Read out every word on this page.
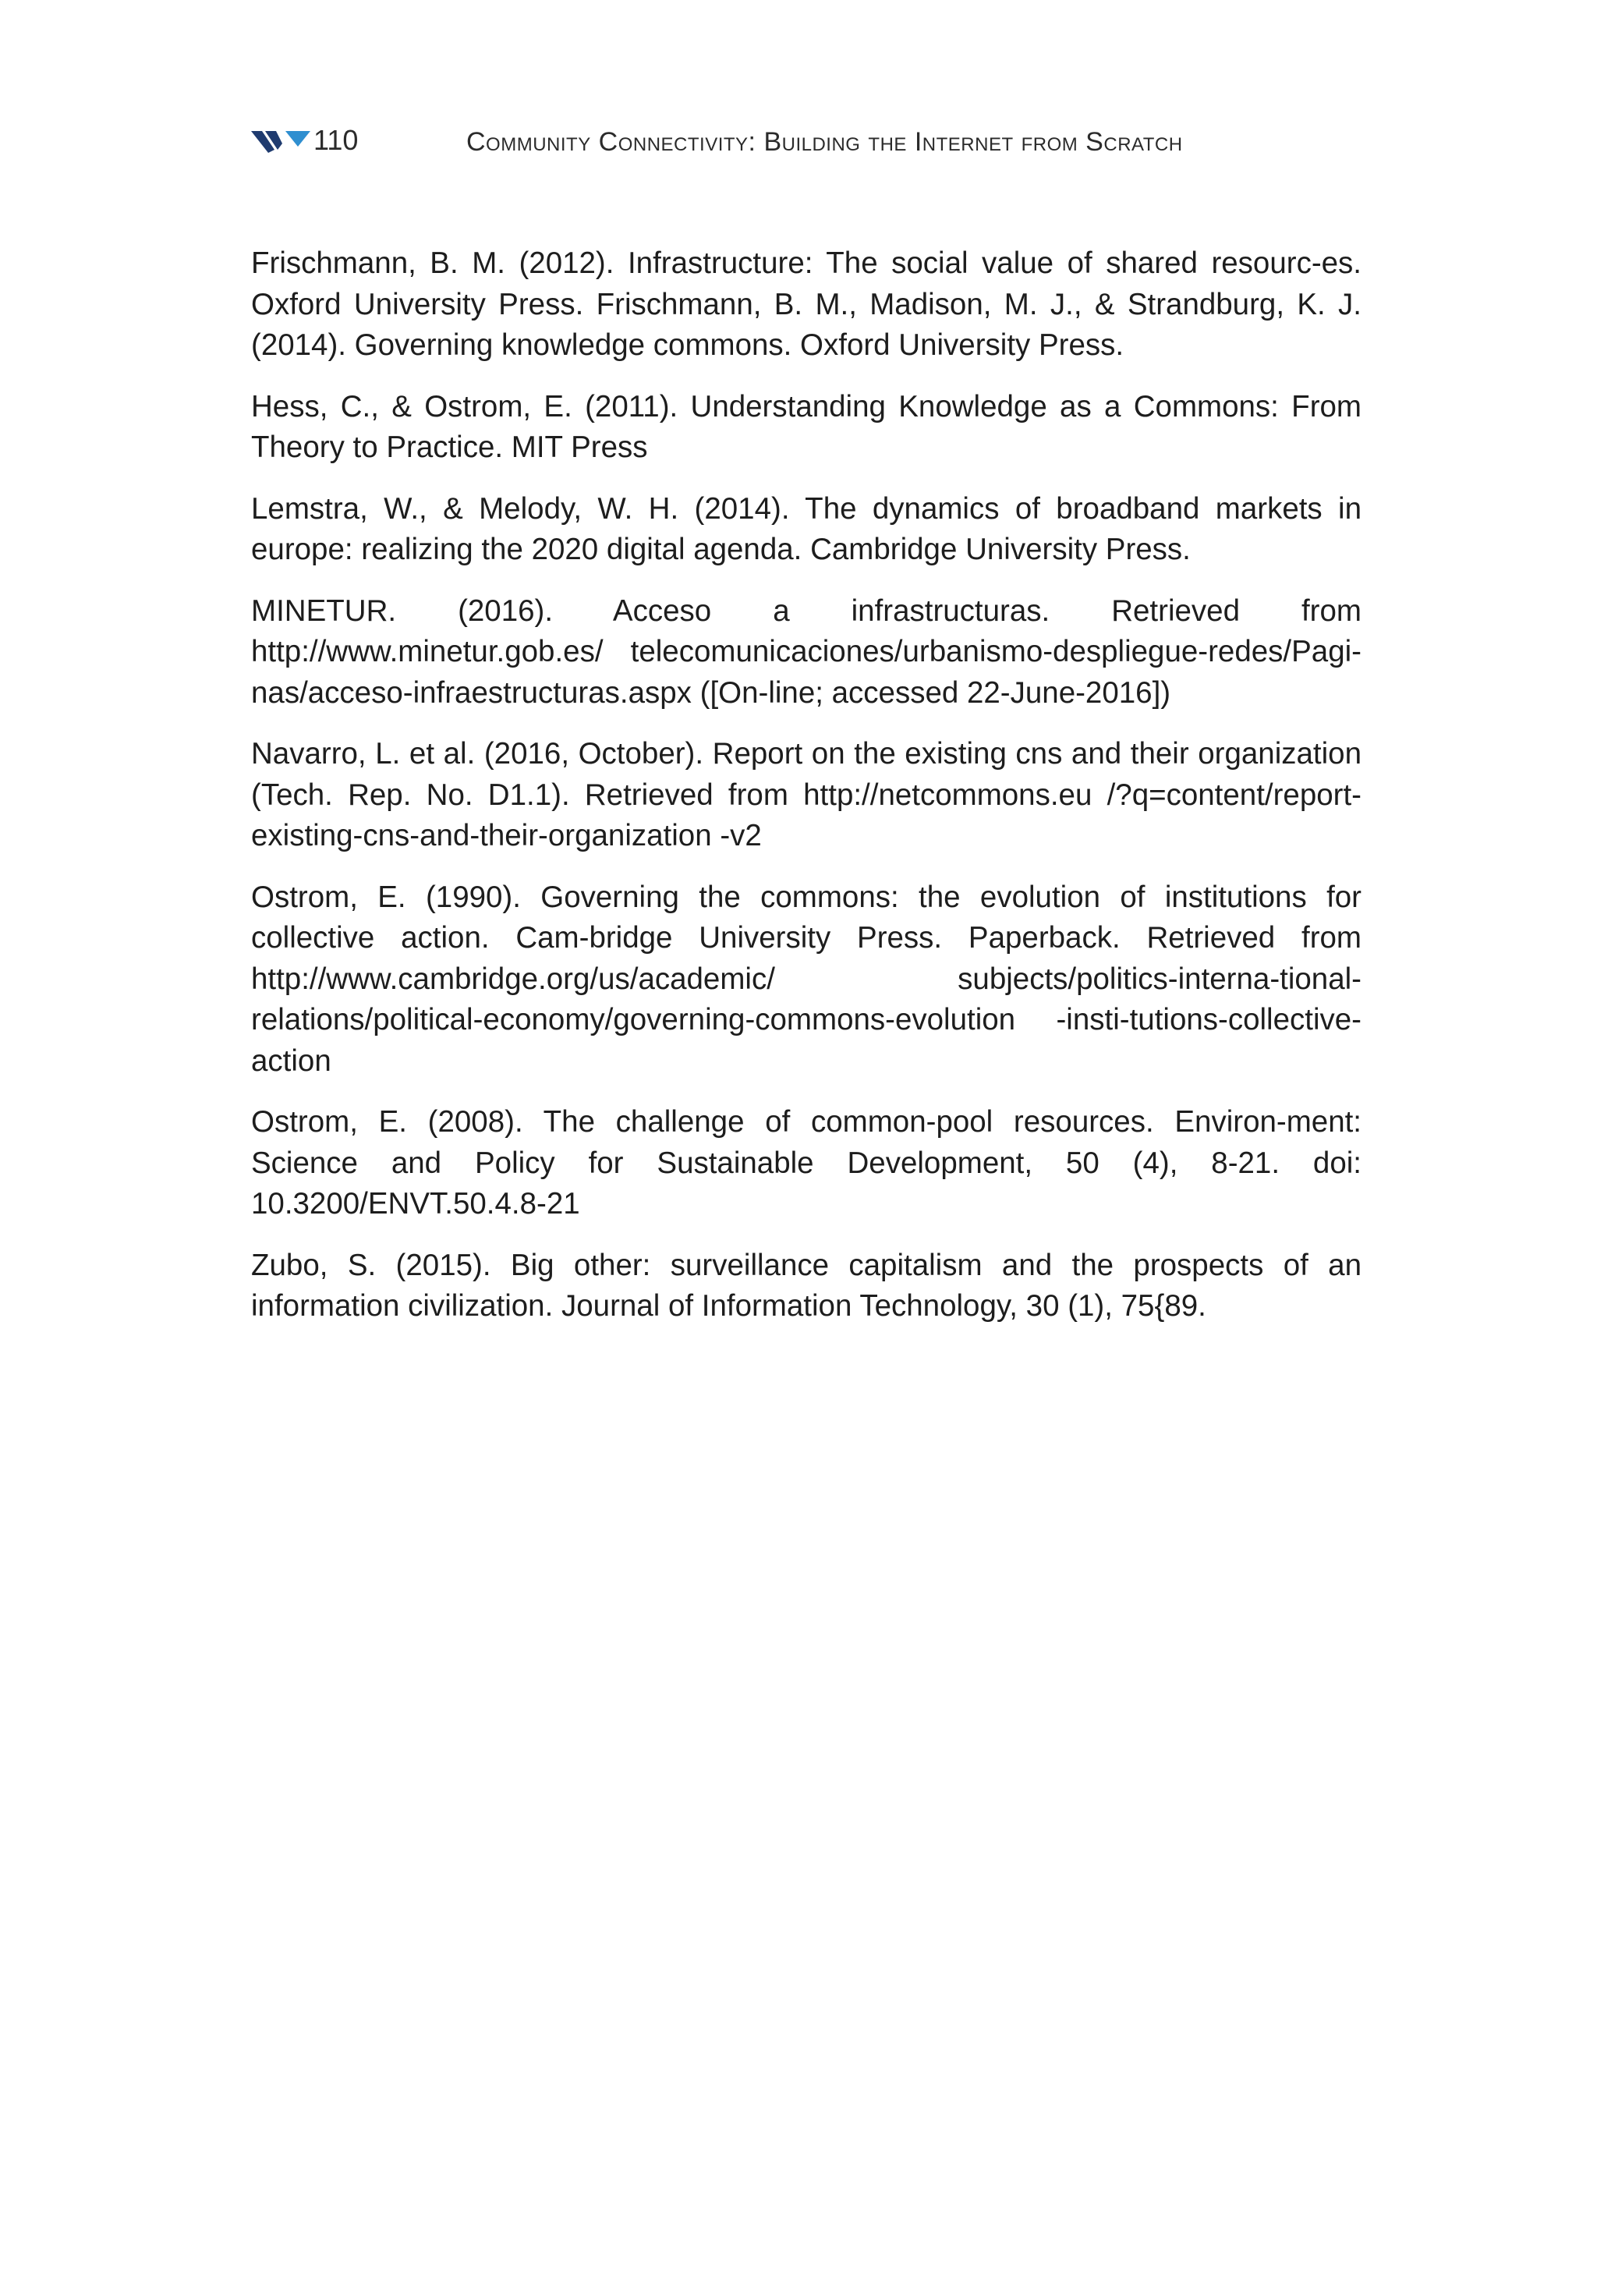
110	Community Connectivity: Building the Internet from Scratch
Frischmann, B. M. (2012). Infrastructure: The social value of shared resourc-es. Oxford University Press. Frischmann, B. M., Madison, M. J., & Strandburg, K. J. (2014). Governing knowledge commons. Oxford University Press.
Hess, C., & Ostrom, E. (2011). Understanding Knowledge as a Commons: From Theory to Practice. MIT Press
Lemstra, W., & Melody, W. H. (2014). The dynamics of broadband markets in europe: realizing the 2020 digital agenda. Cambridge University Press.
MINETUR. (2016). Acceso a infrastructuras. Retrieved from http://www.minetur.gob.es/ telecomunicaciones/urbanismo-despliegue-redes/Pagi-nas/acceso-infraestructuras.aspx ([On-line; accessed 22-June-2016])
Navarro, L. et al. (2016, October). Report on the existing cns and their organization (Tech. Rep. No. D1.1). Retrieved from http://netcommons.eu /?q=content/report-existing-cns-and-their-organization -v2
Ostrom, E. (1990). Governing the commons: the evolution of institutions for collective action. Cam-bridge University Press. Paperback. Retrieved from http://www.cambridge.org/us/academic/ subjects/politics-interna-tional-relations/political-economy/governing-commons-evolution -insti-tutions-collective-action
Ostrom, E. (2008). The challenge of common-pool resources. Environ-ment: Science and Policy for Sustainable Development, 50 (4), 8-21. doi: 10.3200/ENVT.50.4.8-21
Zubo, S. (2015). Big other: surveillance capitalism and the prospects of an information civilization. Journal of Information Technology, 30 (1), 75{89.
